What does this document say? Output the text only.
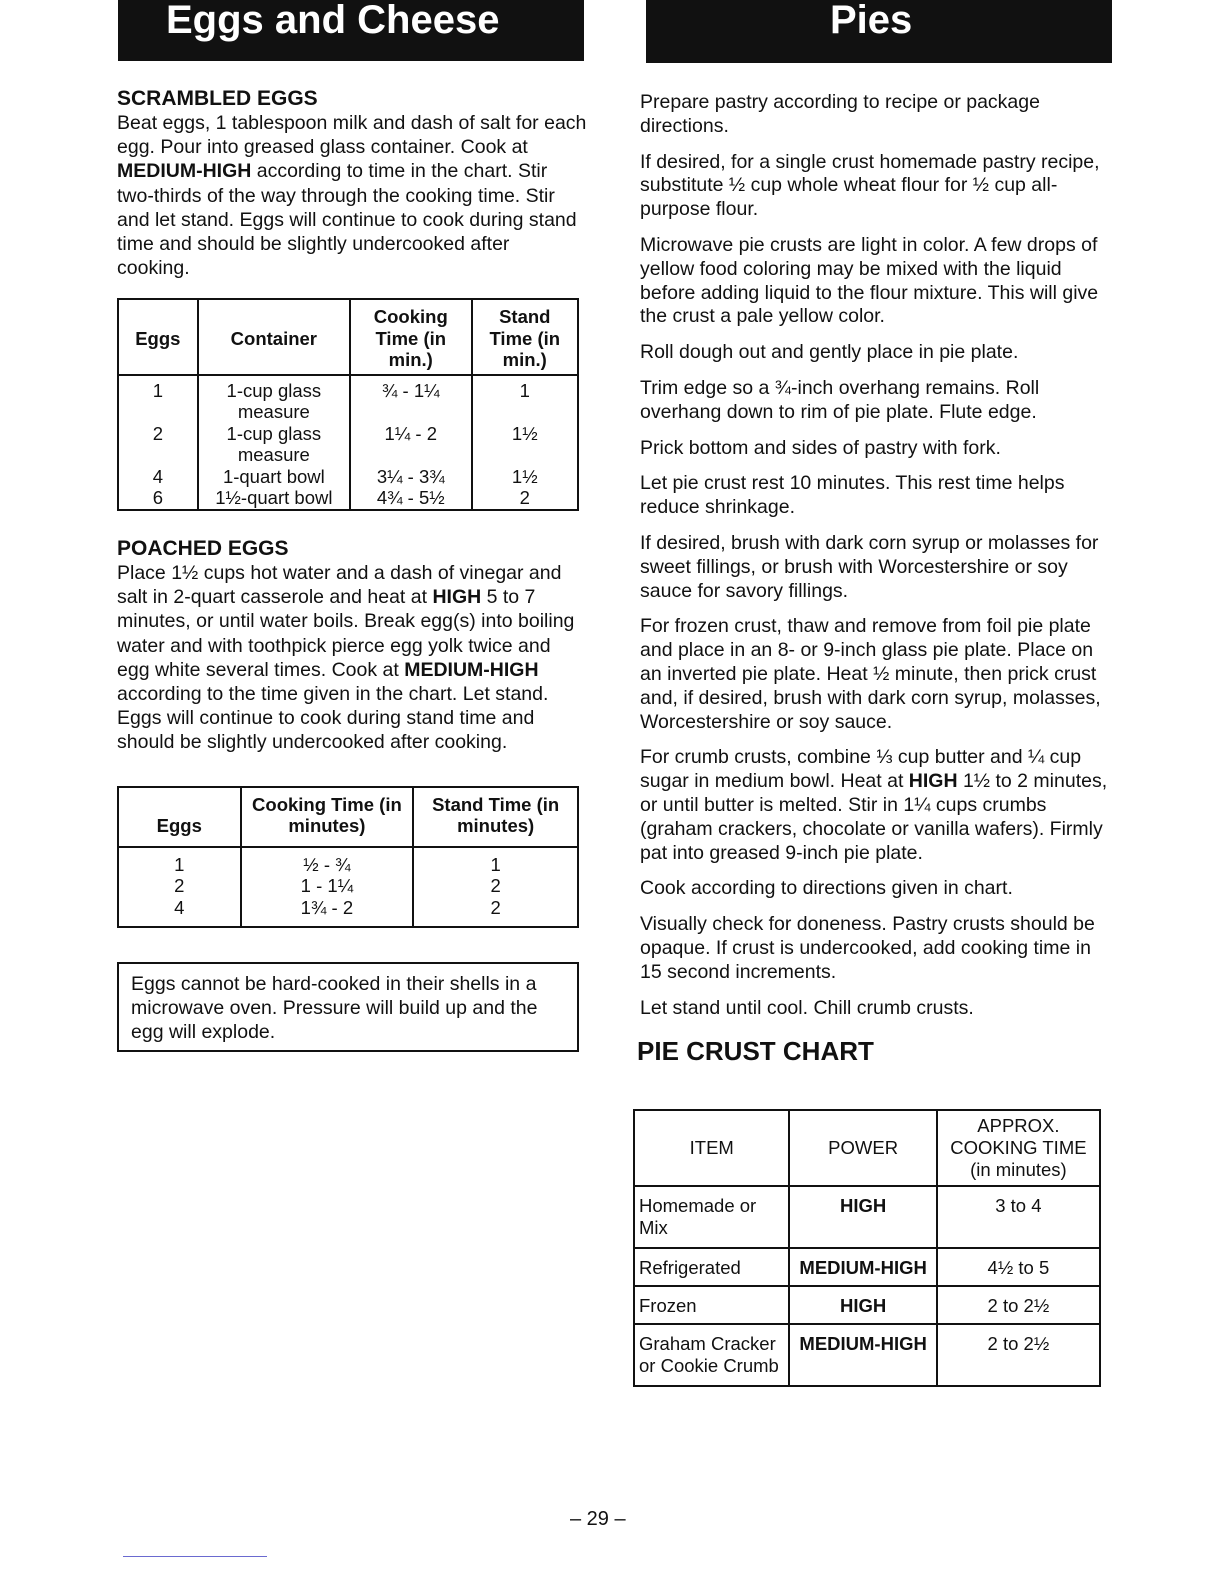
Eggs and Cheese	Pies
SCRAMBLED EGGS

Beat eggs, 1 tablespoon milk and dash of salt for each egg. Pour into greased glass container. Cook at MEDIUM-HIGH according to time in the chart. Stir two-thirds of the way through the cooking time. Stir and let stand. Eggs will continue to cook during stand time and should be slightly undercooked after cooking.

Eggs	Container	Cooking Time (in min.)	Stand Time (in min.)
1	1-cup glass measure	¾ - 1¼	1
2	1-cup glass measure	1¼ - 2	1½
4	1-quart bowl	3¼ - 3¾	1½
6	1½-quart bowl	4¾ - 5½	2
POACHED EGGS

Place 1½ cups hot water and a dash of vinegar and salt in 2-quart casserole and heat at HIGH 5 to 7 minutes, or until water boils. Break egg(s) into boiling water and with toothpick pierce egg yolk twice and egg white several times. Cook at MEDIUM-HIGH according to the time given in the chart. Let stand. Eggs will continue to cook during stand time and should be slightly undercooked after cooking.

Eggs	Cooking Time (in minutes)	Stand Time (in minutes)
1	½ - ¾	1
2	1 - 1¼	2
4	1¾ - 2	2
Eggs cannot be hard-cooked in their shells in a microwave oven. Pressure will build up and the egg will explode.

Prepare pastry according to recipe or package directions.

If desired, for a single crust homemade pastry recipe, substitute ½ cup whole wheat flour for ½ cup all-purpose flour.

Microwave pie crusts are light in color. A few drops of yellow food coloring may be mixed with the liquid before adding liquid to the flour mixture. This will give the crust a pale yellow color.

Roll dough out and gently place in pie plate.

Trim edge so a ¾-inch overhang remains. Roll overhang down to rim of pie plate. Flute edge.

Prick bottom and sides of pastry with fork.

Let pie crust rest 10 minutes. This rest time helps reduce shrinkage.

If desired, brush with dark corn syrup or molasses for sweet fillings, or brush with Worcestershire or soy sauce for savory fillings.

For frozen crust, thaw and remove from foil pie plate and place in an 8- or 9-inch glass pie plate. Place on an inverted pie plate. Heat ½ minute, then prick crust and, if desired, brush with dark corn syrup, molasses, Worcestershire or soy sauce.

For crumb crusts, combine ⅓ cup butter and ¼ cup sugar in medium bowl. Heat at HIGH 1½ to 2 minutes, or until butter is melted. Stir in 1¼ cups crumbs (graham crackers, chocolate or vanilla wafers). Firmly pat into greased 9-inch pie plate.

Cook according to directions given in chart.

Visually check for doneness. Pastry crusts should be opaque. If crust is undercooked, add cooking time in 15 second increments.

Let stand until cool. Chill crumb crusts.

PIE CRUST CHART
ITEM	POWER	APPROX. COOKING TIME (in minutes)
Homemade or Mix	HIGH	3 to 4
Refrigerated	MEDIUM-HIGH	4½ to 5
Frozen	HIGH	2 to 2½
Graham Cracker or Cookie Crumb	MEDIUM-HIGH	2 to 2½
– 29 –
